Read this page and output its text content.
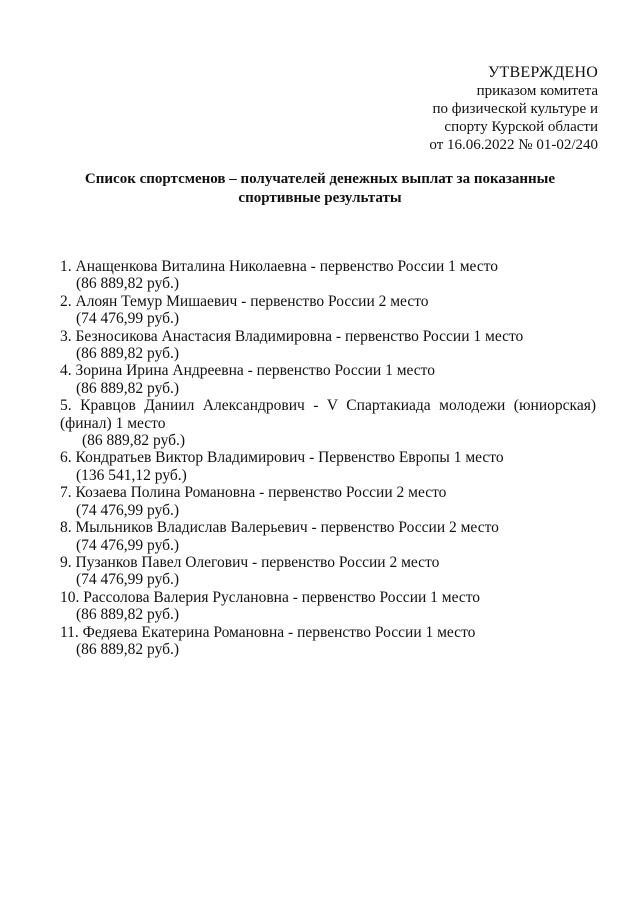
УТВЕРЖДЕНО
приказом комитета
по физической культуре и
спорту Курской области
от 16.06.2022 № 01-02/240
Список спортсменов – получателей денежных выплат за показанные
спортивные результаты
1. Анащенкова Виталина Николаевна - первенство России 1 место
(86 889,82 руб.)
2. Алоян Темур Мишаевич - первенство России 2 место
(74 476,99 руб.)
3. Безносикова Анастасия Владимировна - первенство России 1 место
(86 889,82 руб.)
4. Зорина Ирина Андреевна - первенство России 1 место
(86 889,82 руб.)
5. Кравцов Даниил Александрович - V Спартакиада молодежи (юниорская)
(финал) 1 место
(86 889,82 руб.)
6. Кондратьев Виктор Владимирович - Первенство Европы 1 место
(136 541,12 руб.)
7. Козаева Полина Романовна - первенство России 2 место
(74 476,99 руб.)
8. Мыльников Владислав Валерьевич - первенство России 2 место
(74 476,99 руб.)
9. Пузанков Павел Олегович - первенство России 2 место
(74 476,99 руб.)
10. Рассолова Валерия Руслановна - первенство России 1 место
(86 889,82 руб.)
11. Федяева Екатерина Романовна - первенство России 1 место
(86 889,82 руб.)
